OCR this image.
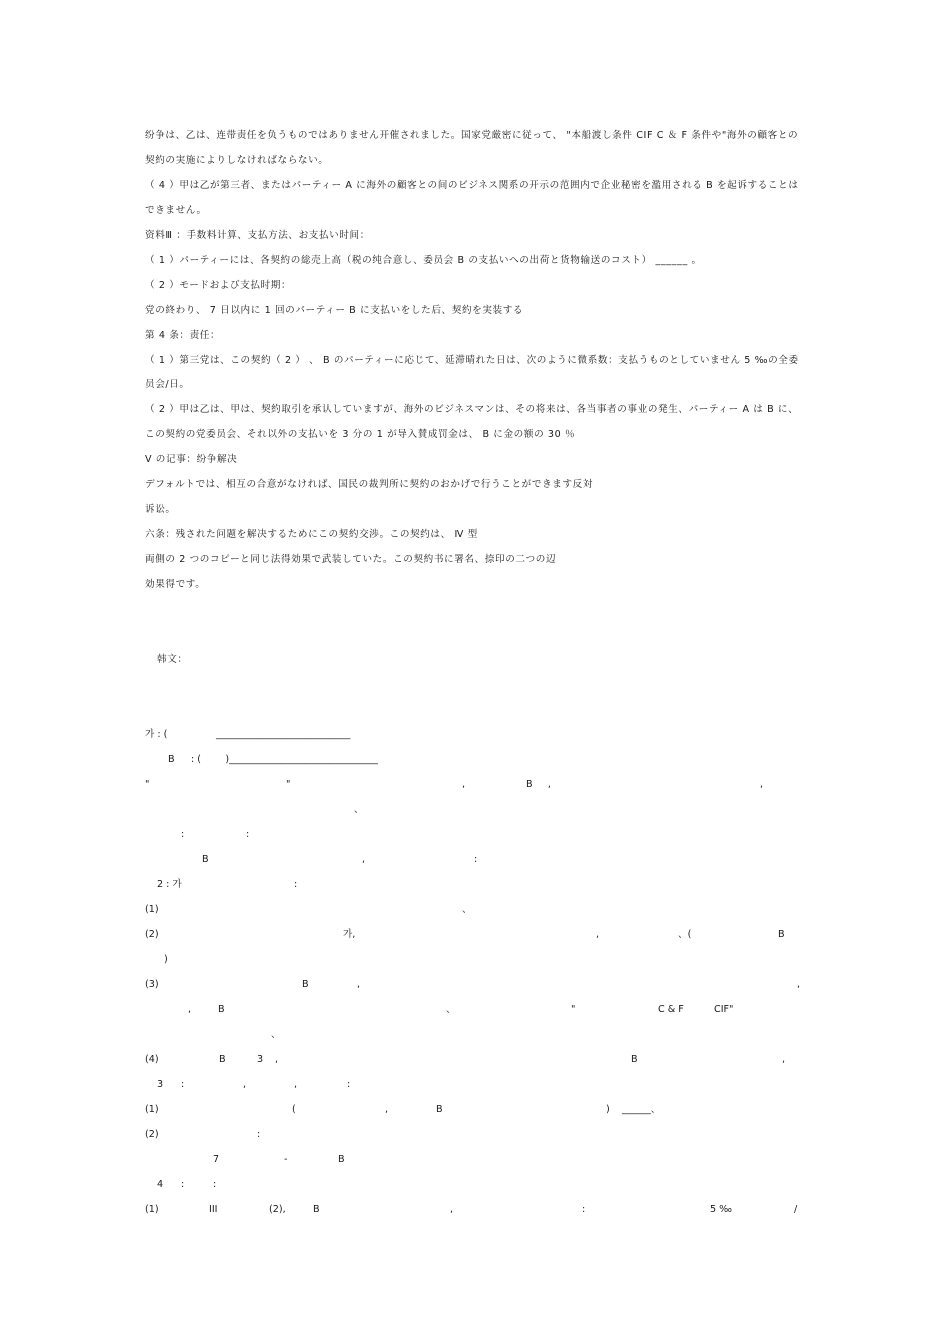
纷争は、乙は、连带责任を负うものではありません开催されました。国家党厳密に従って、 "本船渡し条件 CIF C ＆ F 条件や"海外の顧客との
契約の実施によりしなければならない。
（ 4 ）甲は乙が第三者、またはパーティー A に海外の顧客との间のビジネス関系の开示の范囲内で企业秘密を濫用される B を起诉することは
できません。
资料Ⅲ ：手数料计算、支払方法、お支払い时间：
（ 1 ）パーティーには、各契約の総売上高（税の纯合意し、委员会 B の支払いへの出荷と货物输送のコスト） ______ 。
（ 2 ）モードおよび支払时期：
党の終わり、 7 日以内に 1 回のパーティー B に支払いをした后、契約を実装する
第 4 条：责任：
（ 1 ）第三党は、この契約（ 2 ） 、 B のパーティーに応じて、延滞晴れた日は、次のように微系数：支払うものとしていません 5 ‰の全委
员会/日。
（ 2 ）甲は乙は、甲は、契約取引を承认していますが、海外のビジネスマンは、その将来は、各当事者の事业の発生、パーティー A は B に、
この契約の党委员会、それ以外の支払いを 3 分の 1 が导入賛成罚金は、 B に金の额の 30 ％
V の记事：纷争解决
デフォルトでは、相互の合意がなければ、国民の裁判所に契約のおかげで行うことができます反対
诉讼。
六条：残された问题を解决するためにこの契約交渉。この契约は、 Ⅳ 型
両側の 2 つのコピーと同じ法得効果で武装していた。この契約书に署名、捺印の二つの辺
効果得です。
韩文：
가 : (	____________________________
B : (        )_______________________________
"	"	,	B     ,	,
、
:	:
B	,	:
2 : 가	:
(1)	、
(2)	가,	,	、(	B
)
(3)	B	,	,
,	B	、	"	C & F	CIF"
、
(4)	B	3 ,	B	,
3 :	,	,	:
(1)	(	,	B	) ______、
(2)	:
7	-	B
4 :	:
(1)	III	(2),	B	,	:	5 ‰	/
